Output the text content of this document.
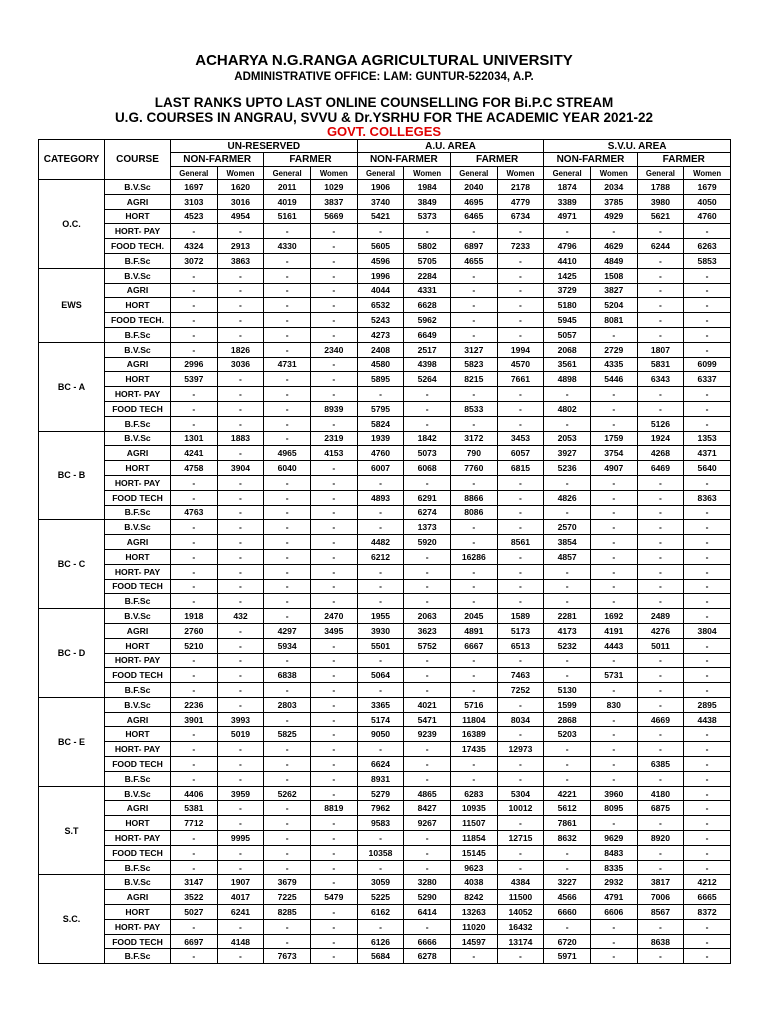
ACHARYA N.G.RANGA AGRICULTURAL UNIVERSITY
ADMINISTRATIVE OFFICE: LAM: GUNTUR-522034, A.P.
LAST RANKS UPTO LAST ONLINE COUNSELLING FOR Bi.P.C STREAM
U.G. COURSES IN ANGRAU, SVVU & Dr.YSRHU FOR THE ACADEMIC YEAR 2021-22
GOVT. COLLEGES
CATEGORY	COURSE	UN-RESERVED				A.U. AREA				S.V.U. AREA			
		NON-FARMER		FARMER		NON-FARMER		FARMER		NON-FARMER		FARMER	
		General	Women	General	Women	General	Women	General	Women	General	Women	General	Women
O.C.	B.V.Sc	1697	1620	2011	1029	1906	1984	2040	2178	1874	2034	1788	1679
	AGRI	3103	3016	4019	3837	3740	3849	4695	4779	3389	3785	3980	4050
	HORT	4523	4954	5161	5669	5421	5373	6465	6734	4971	4929	5621	4760
	HORT- PAY	-	-	-	-	-	-	-	-	-	-	-	-
	FOOD TECH.	4324	2913	4330	-	5605	5802	6897	7233	4796	4629	6244	6263
	B.F.Sc	3072	3863	-	-	4596	5705	4655	-	4410	4849	-	5853
EWS	B.V.Sc	-	-	-	-	1996	2284	-	-	1425	1508	-	-
	AGRI	-	-	-	-	4044	4331	-	-	3729	3827	-	-
	HORT	-	-	-	-	6532	6628	-	-	5180	5204	-	-
	FOOD TECH.	-	-	-	-	5243	5962	-	-	5945	8081	-	-
	B.F.Sc	-	-	-	-	4273	6649	-	-	5057	-	-	-
BC - A	B.V.Sc	-	1826	-	2340	2408	2517	3127	1994	2068	2729	1807	-
	AGRI	2996	3036	4731	-	4580	4398	5823	4570	3561	4335	5831	6099
	HORT	5397	-	-	-	5895	5264	8215	7661	4898	5446	6343	6337
	HORT- PAY	-	-	-	-	-	-	-	-	-	-	-	-
	FOOD TECH	-	-	-	8939	5795	-	8533	-	4802	-	-	-
	B.F.Sc	-	-	-	-	5824	-	-	-	-	-	5126	-
BC - B	B.V.Sc	1301	1883	-	2319	1939	1842	3172	3453	2053	1759	1924	1353
	AGRI	4241	-	4965	4153	4760	5073	790	6057	3927	3754	4268	4371
	HORT	4758	3904	6040	-	6007	6068	7760	6815	5236	4907	6469	5640
	HORT- PAY	-	-	-	-	-	-	-	-	-	-	-	-
	FOOD TECH	-	-	-	-	4893	6291	8866	-	4826	-	-	8363
	B.F.Sc	4763	-	-	-	-	6274	8086	-	-	-	-	-
BC - C	B.V.Sc	-	-	-	-	-	1373	-	-	2570	-	-	-
	AGRI	-	-	-	-	4482	5920	-	8561	3854	-	-	-
	HORT	-	-	-	-	6212	-	16286	-	4857	-	-	-
	HORT- PAY	-	-	-	-	-	-	-	-	-	-	-	-
	FOOD TECH	-	-	-	-	-	-	-	-	-	-	-	-
	B.F.Sc	-	-	-	-	-	-	-	-	-	-	-	-
BC - D	B.V.Sc	1918	432	-	2470	1955	2063	2045	1589	2281	1692	2489	-
	AGRI	2760	-	4297	3495	3930	3623	4891	5173	4173	4191	4276	3804
	HORT	5210	-	5934	-	5501	5752	6667	6513	5232	4443	5011	-
	HORT- PAY	-	-	-	-	-	-	-	-	-	-	-	-
	FOOD TECH	-	-	6838	-	5064	-	-	7463	-	5731	-	-
	B.F.Sc	-	-	-	-	-	-	-	7252	5130	-	-	-
BC - E	B.V.Sc	2236	-	2803	-	3365	4021	5716	-	1599	830	-	2895
	AGRI	3901	3993	-	-	5174	5471	11804	8034	2868	-	4669	4438
	HORT	-	5019	5825	-	9050	9239	16389	-	5203	-	-	-
	HORT- PAY	-	-	-	-	-	-	17435	12973	-	-	-	-
	FOOD TECH	-	-	-	-	6624	-	-	-	-	-	6385	-
	B.F.Sc	-	-	-	-	8931	-	-	-	-	-	-	-
S.T	B.V.Sc	4406	3959	5262	-	5279	4865	6283	5304	4221	3960	4180	-
	AGRI	5381	-	-	8819	7962	8427	10935	10012	5612	8095	6875	-
	HORT	7712	-	-	-	9583	9267	11507	-	7861	-	-	-
	HORT- PAY	-	9995	-	-	-	-	11854	12715	8632	9629	8920	-
	FOOD TECH	-	-	-	-	10358	-	15145	-	-	8483	-	-
	B.F.Sc	-	-	-	-	-	-	9623	-	-	8335	-	-
S.C.	B.V.Sc	3147	1907	3679	-	3059	3280	4038	4384	3227	2932	3817	4212
	AGRI	3522	4017	7225	5479	5225	5290	8242	11500	4566	4791	7006	6665
	HORT	5027	6241	8285	-	6162	6414	13263	14052	6660	6606	8567	8372
	HORT- PAY	-	-	-	-	-	-	11020	16432	-	-	-	-
	FOOD TECH	6697	4148	-	-	6126	6666	14597	13174	6720	-	8638	-
	B.F.Sc	-	-	7673	-	5684	6278	-	-	5971	-	-	-
